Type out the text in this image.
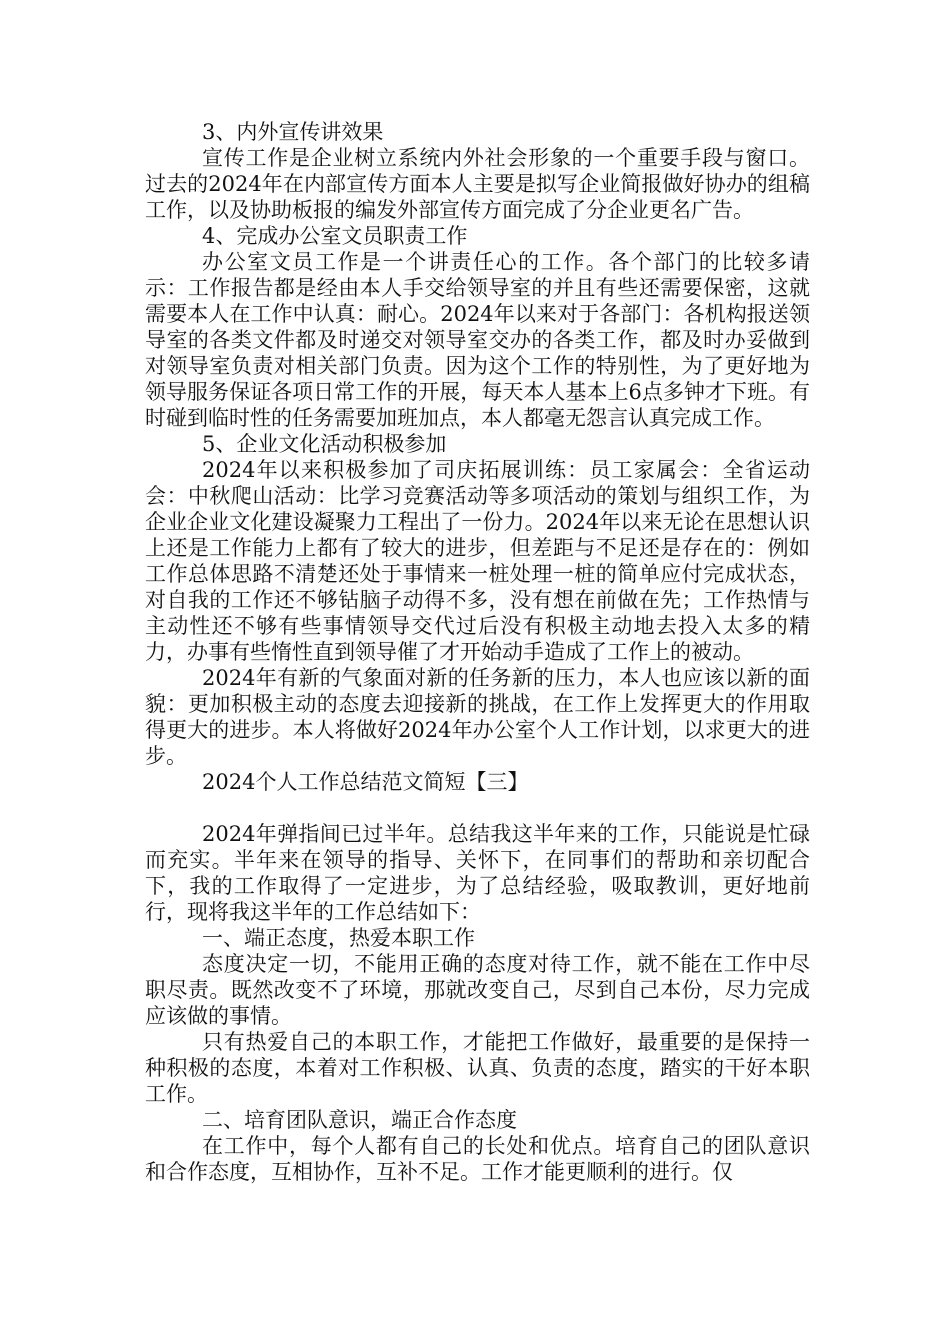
3、内外宣传讲效果

宣传工作是企业树立系统内外社会形象的一个重要手段与窗口。过去的2024年在内部宣传方面本人主要是拟写企业简报做好协办的组稿工作，以及协助板报的编发外部宣传方面完成了分企业更名广告。

4、完成办公室文员职责工作

办公室文员工作是一个讲责任心的工作。各个部门的比较多请示：工作报告都是经由本人手交给领导室的并且有些还需要保密，这就需要本人在工作中认真：耐心。2024年以来对于各部门：各机构报送领导室的各类文件都及时递交对领导室交办的各类工作，都及时办妥做到对领导室负责对相关部门负责。因为这个工作的特别性，为了更好地为领导服务保证各项日常工作的开展，每天本人基本上6点多钟才下班。有时碰到临时性的任务需要加班加点，本人都毫无怨言认真完成工作。

5、企业文化活动积极参加

2024年以来积极参加了司庆拓展训练：员工家属会：全省运动会：中秋爬山活动：比学习竞赛活动等多项活动的策划与组织工作，为企业企业文化建设凝聚力工程出了一份力。2024年以来无论在思想认识上还是工作能力上都有了较大的进步，但差距与不足还是存在的：例如工作总体思路不清楚还处于事情来一桩处理一桩的简单应付完成状态，对自我的工作还不够钻脑子动得不多，没有想在前做在先；工作热情与主动性还不够有些事情领导交代过后没有积极主动地去投入太多的精力，办事有些惰性直到领导催了才开始动手造成了工作上的被动。

2024年有新的气象面对新的任务新的压力，本人也应该以新的面貌：更加积极主动的态度去迎接新的挑战，在工作上发挥更大的作用取得更大的进步。本人将做好2024年办公室个人工作计划，以求更大的进步。

2024个人工作总结范文简短【三】

2024年弹指间已过半年。总结我这半年来的工作，只能说是忙碌而充实。半年来在领导的指导、关怀下，在同事们的帮助和亲切配合下，我的工作取得了一定进步，为了总结经验，吸取教训，更好地前行，现将我这半年的工作总结如下：

一、端正态度，热爱本职工作

态度决定一切，不能用正确的态度对待工作，就不能在工作中尽职尽责。既然改变不了环境，那就改变自己，尽到自己本份，尽力完成应该做的事情。

只有热爱自己的本职工作，才能把工作做好，最重要的是保持一种积极的态度，本着对工作积极、认真、负责的态度，踏实的干好本职工作。

二、培育团队意识，端正合作态度

在工作中，每个人都有自己的长处和优点。培育自己的团队意识和合作态度，互相协作，互补不足。工作才能更顺利的进行。仅
